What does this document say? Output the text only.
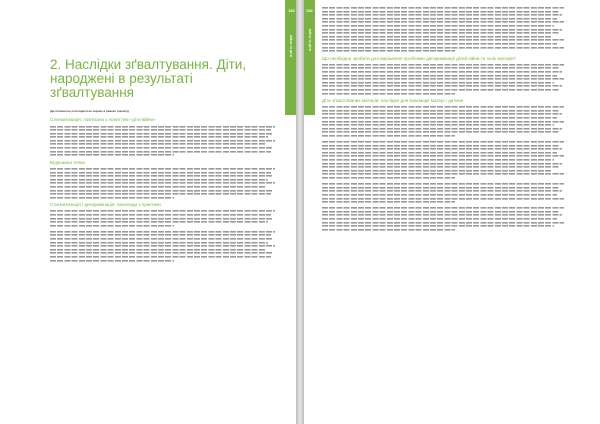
151
ВІЙНА ТА ДІТИ
2. Наслідки зґвалтування. Діти, народжені в результаті зґвалтування
(Це питання не розглядається окремо в рамках тренінгу)
Стигматизація, пов'язана з поняттям «діти війни»
Відправна точка
Стигматизація і дискримінація: приклади з практики
152
ВІЙНА ТА ДІТИ
Що необхідно зробити для вирішення проблеми дискримінації дітей війни та їхніх матерів?
Діти зґвалтованих матерів: наслідки для взаємодії матері і дитини
